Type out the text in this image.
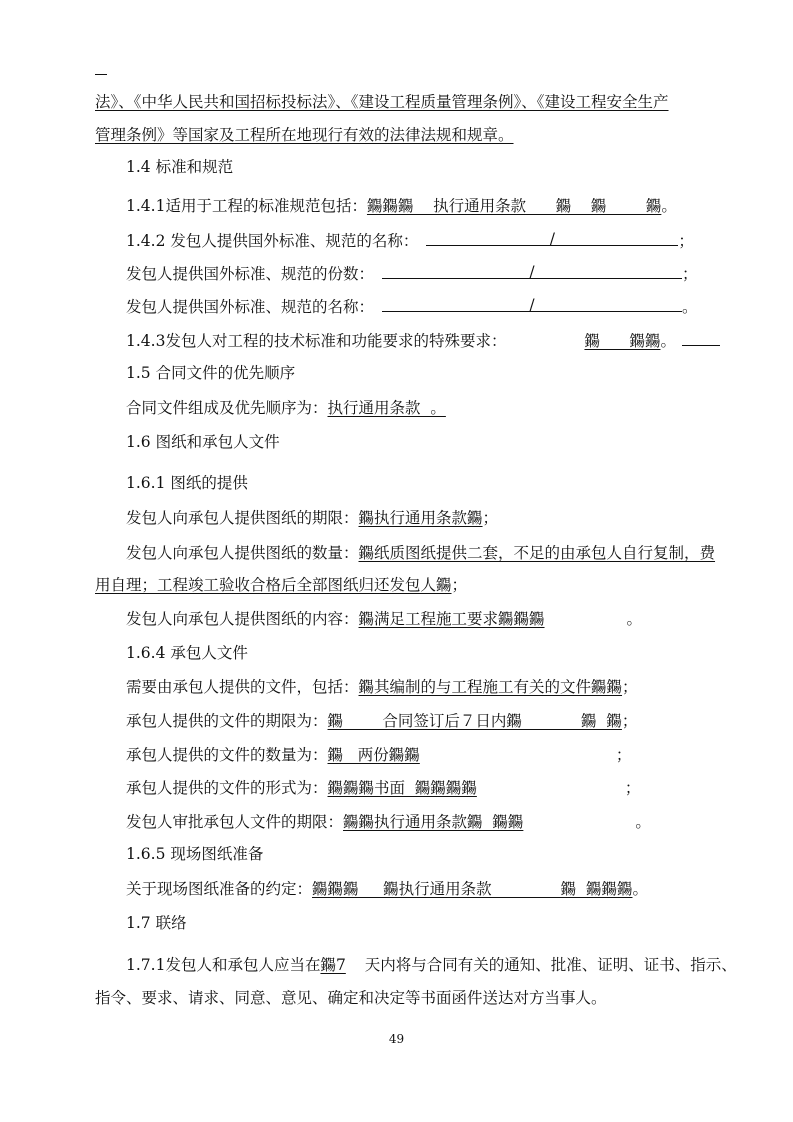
法》、《中华人民共和国招标投标法》、《建设工程质量管理条例》、《建设工程安全生产
管理条例》等国家及工程所在地现行有效的法律法规和规章。
1.4 标准和规范
1.4.1适用于工程的标准规范包括：鐊鐊鐊    执行通用条款      鐊    鐊        鐊。
1.4.2 发包人提供国外标准、规范的名称：	/	；
发包人提供国外标准、规范的份数：	/	；
发包人提供国外标准、规范的名称：	/	。
1.4.3发包人对工程的技术标准和功能要求的特殊要求：	鐊      鐊鐊。
1.5 合同文件的优先顺序
合同文件组成及优先顺序为：执行通用条款  。
1.6 图纸和承包人文件
1.6.1 图纸的提供
发包人向承包人提供图纸的期限：鐊执行通用条款鐊；
发包人向承包人提供图纸的数量：鐊纸质图纸提供二套，不足的由承包人自行复制，费
用自理；工程竣工验收合格后全部图纸归还发包人鐊；
发包人向承包人提供图纸的内容：鐊满足工程施工要求鐊鐊鐊	。
1.6.4 承包人文件
需要由承包人提供的文件，包括：鐊其编制的与工程施工有关的文件鐊鐊；
承包人提供的文件的期限为：鐊        合同签订后７日内鐊            鐊  鐊；
承包人提供的文件的数量为：鐊   两份鐊鐊	；
承包人提供的文件的形式为：鐊鐊鐊书面  鐊鐊鐊鐊	；
发包人审批承包人文件的期限：鐊鐊执行通用条款鐊  鐊鐊	。
1.6.5 现场图纸准备
关于现场图纸准备的约定：鐊鐊鐊     鐊执行通用条款              鐊  鐊鐊鐊。
1.7 联络
1.7.1发包人和承包人应当在鐊7 天内将与合同有关的通知、批准、证明、证书、指示、
指令、要求、请求、同意、意见、确定和决定等书面函件送达对方当事人。
49
